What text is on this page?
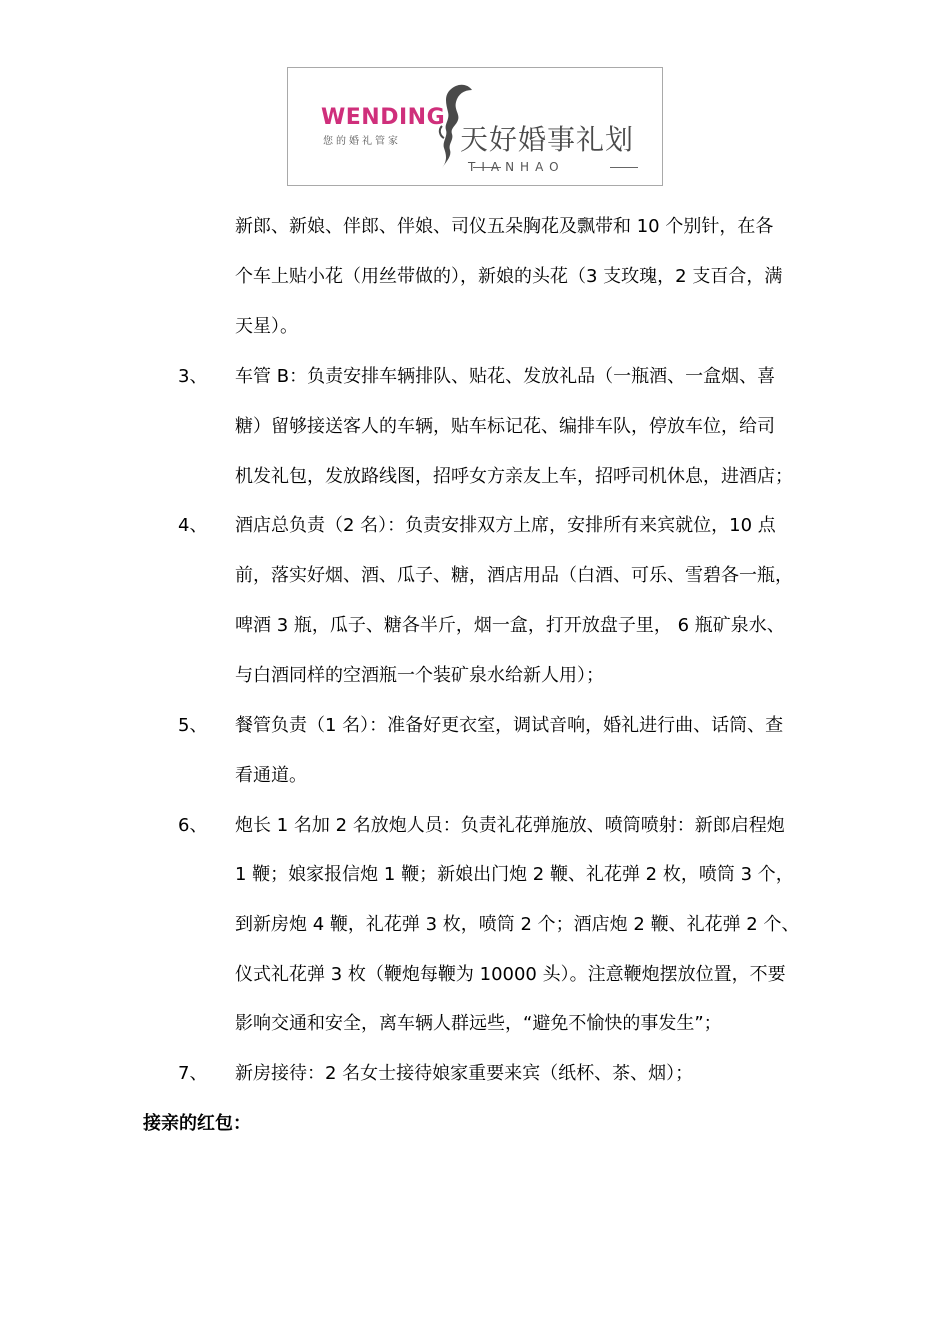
WENDING
您的婚礼管家 天好婚事礼划
TIANHAO
新郎、新娘、伴郎、伴娘、司仪五朵胸花及飘带和 10 个别针，在各
个车上贴小花（用丝带做的），新娘的头花（3 支玫瑰，2 支百合，满
天星）。
3、 车管 B：负责安排车辆排队、贴花、发放礼品（一瓶酒、一盒烟、喜
糖）留够接送客人的车辆，贴车标记花、编排车队，停放车位，给司
机发礼包，发放路线图，招呼女方亲友上车，招呼司机休息，进酒店；
4、 酒店总负责（2 名）：负责安排双方上席，安排所有来宾就位，10 点
前，落实好烟、酒、瓜子、糖，酒店用品（白酒、可乐、雪碧各一瓶，
啤酒 3 瓶，瓜子、糖各半斤，烟一盒，打开放盘子里， 6 瓶矿泉水、
与白酒同样的空酒瓶一个装矿泉水给新人用）；
5、 餐管负责（1 名）：准备好更衣室，调试音响，婚礼进行曲、话筒、查
看通道。
6、 炮长 1 名加 2 名放炮人员：负责礼花弹施放、喷筒喷射：新郎启程炮
1 鞭；娘家报信炮 1 鞭；新娘出门炮 2 鞭、礼花弹 2 枚，喷筒 3 个，
到新房炮 4 鞭，礼花弹 3 枚，喷筒 2 个；酒店炮 2 鞭、礼花弹 2 个、
仪式礼花弹 3 枚（鞭炮每鞭为 10000 头）。注意鞭炮摆放位置，不要
影响交通和安全，离车辆人群远些，“避免不愉快的事发生”；
7、 新房接待：2 名女士接待娘家重要来宾（纸杯、茶、烟）；
接亲的红包：
